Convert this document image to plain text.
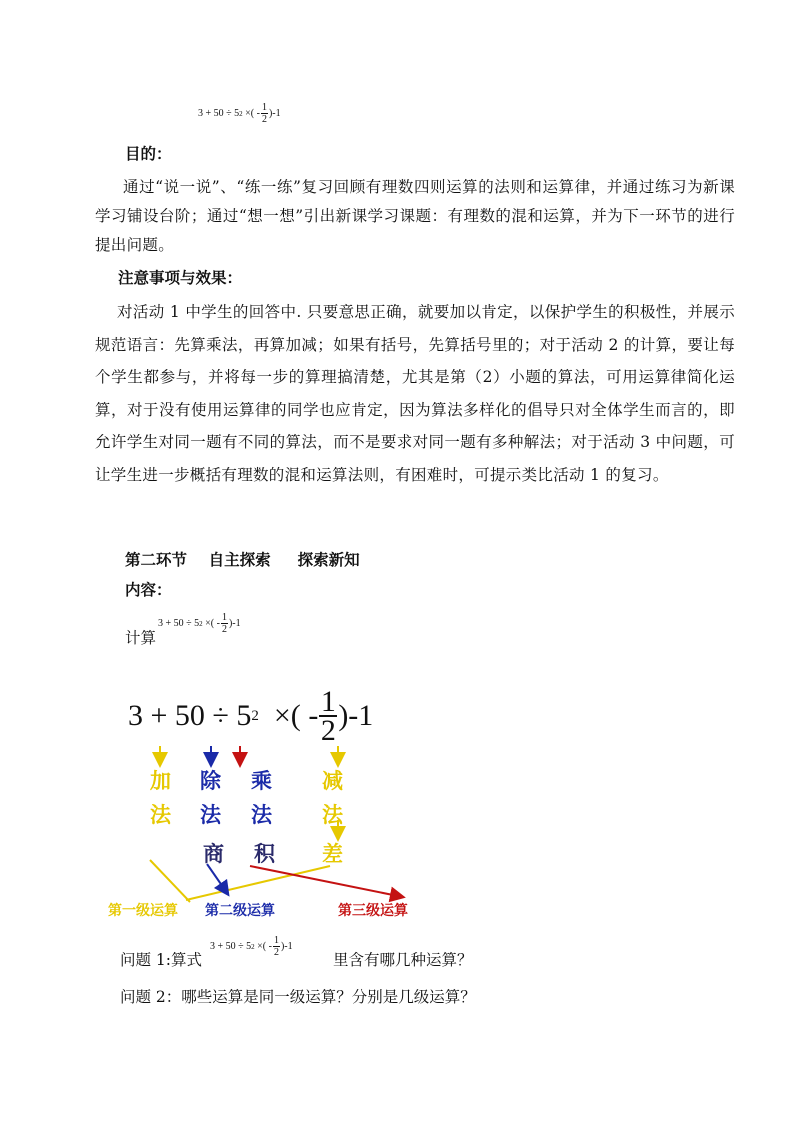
3
+
50
÷
5 2
×(
- $\frac{1}{2} )-1$
目的：
通过“说一说”、“练一练”复习回顾有理数四则运算的法则和运算律，并通过练习为新课学习铺设台阶；通过“想一想”引出新课学习课题：有理数的混和运算，并为下一环节的进行提出问题。
注意事项与效果：
对活动 1 中学生的回答中. 只要意思正确，就要加以肯定，以保护学生的积极性，并展示规范语言：先算乘法，再算加减；如果有括号，先算括号里的；对于活动 2 的计算，要让每个学生都参与，并将每一步的算理搞清楚，尤其是第（2）小题的算法，可用运算律简化运算，对于没有使用运算律的同学也应肯定，因为算法多样化的倡导只对全体学生而言的，即允许学生对同一题有不同的算法，而不是要求对同一题有多种解法；对于活动 3 中问题，可让学生进一步概括有理数的混和运算法则，有困难时，可提示类比活动 1 的复习。
第二环节    自主探索     探索新知
内容：
计算
3
+
50
÷
5 2
×(
- $\frac{1}{2} )-1$
3
+
50
÷
5 2
×(
- $\frac{1}{2} )-1$
加
法
除
法
乘
法
减
法
商 积 差
第一级运算 第二级运算	第三级运算
问题 1:算式
3
+
50
÷
5 2
×(
- $\frac{1}{2} )-1$
里含有哪几种运算？
问题 2：哪些运算是同一级运算？分别是几级运算？
